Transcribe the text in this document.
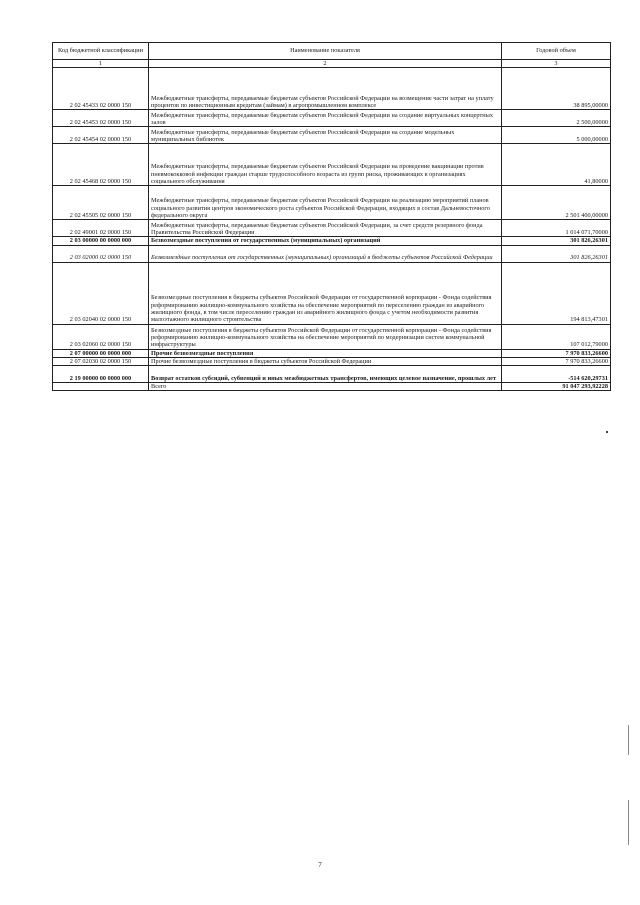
Код бюджетной классификации	Наименование показателя	Годовой объем
1	2	3
2 02 45433 02 0000 150	Межбюджетные трансферты, передаваемые бюджетам субъектов Российской Федерации на возмещение части затрат на уплату процентов по инвестиционным кредитам (займам) в агропромышленном комплексе	38 895,00000
2 02 45453 02 0000 150	Межбюджетные трансферты, передаваемые бюджетам субъектов Российской Федерации на создание виртуальных концертных залов	2 500,00000
2 02 45454 02 0000 150	Межбюджетные трансферты, передаваемые бюджетам субъектов Российской Федерации на создание модельных муниципальных библиотек	5 000,00000
2 02 45468 02 0000 150	Межбюджетные трансферты, передаваемые бюджетам субъектов Российской Федерации на проведение вакцинации против пневмококковой инфекции граждан старше трудоспособного возраста из групп риска, проживающих в организациях социального обслуживания	41,80000
2 02 45505 02 0000 150	Межбюджетные трансферты, передаваемые бюджетам субъектов Российской Федерации на реализацию мероприятий планов социального развития центров экономического роста субъектов Российской Федерации, входящих в состав Дальневосточного федерального округа	2 501 400,00000
2 02 49001 02 0000 150	Межбюджетные трансферты, передаваемые бюджетам субъектов Российской Федерации, за счет средств резервного фонда Правительства Российской Федерации	1 014 071,70000
2 03 00000 00 0000 000	Безвозмездные поступления от государственных (муниципальных) организаций	301 826,26301
2 03 02000 02 0000 150	Безвозмездные поступления от государственных (муниципальных) организаций в бюджеты субъектов Российской Федерации	301 826,26301
2 03 02040 02 0000 150	Безвозмездные поступления в бюджеты субъектов Российской Федерации от государственной корпорации - Фонда содействия реформированию жилищно-коммунального хозяйства на обеспечение мероприятий по переселению граждан из аварийного жилищного фонда, в том числе переселению граждан из аварийного жилищного фонда с учетом необходимости развития малоэтажного жилищного строительства	194 813,47301
2 03 02060 02 0000 150	Безвозмездные поступления в бюджеты субъектов Российской Федерации от государственной корпорации - Фонда содействия реформированию жилищно-коммунального хозяйства на обеспечение мероприятий по модернизации систем коммунальной инфраструктуры	107 012,79000
2 07 00000 00 0000 000	Прочие безвозмездные поступления	7 970 833,26600
2 07 02030 02 0000 150	Прочие безвозмездные поступления в бюджеты субъектов Российской Федерации	7 970 833,26600
2 19 00000 00 0000 000	Возврат остатков субсидий, субвенций и иных межбюджетных трансфертов, имеющих целевое назначение, прошлых лет	-514 620,29731
	Всего	91 047 293,92228
7
